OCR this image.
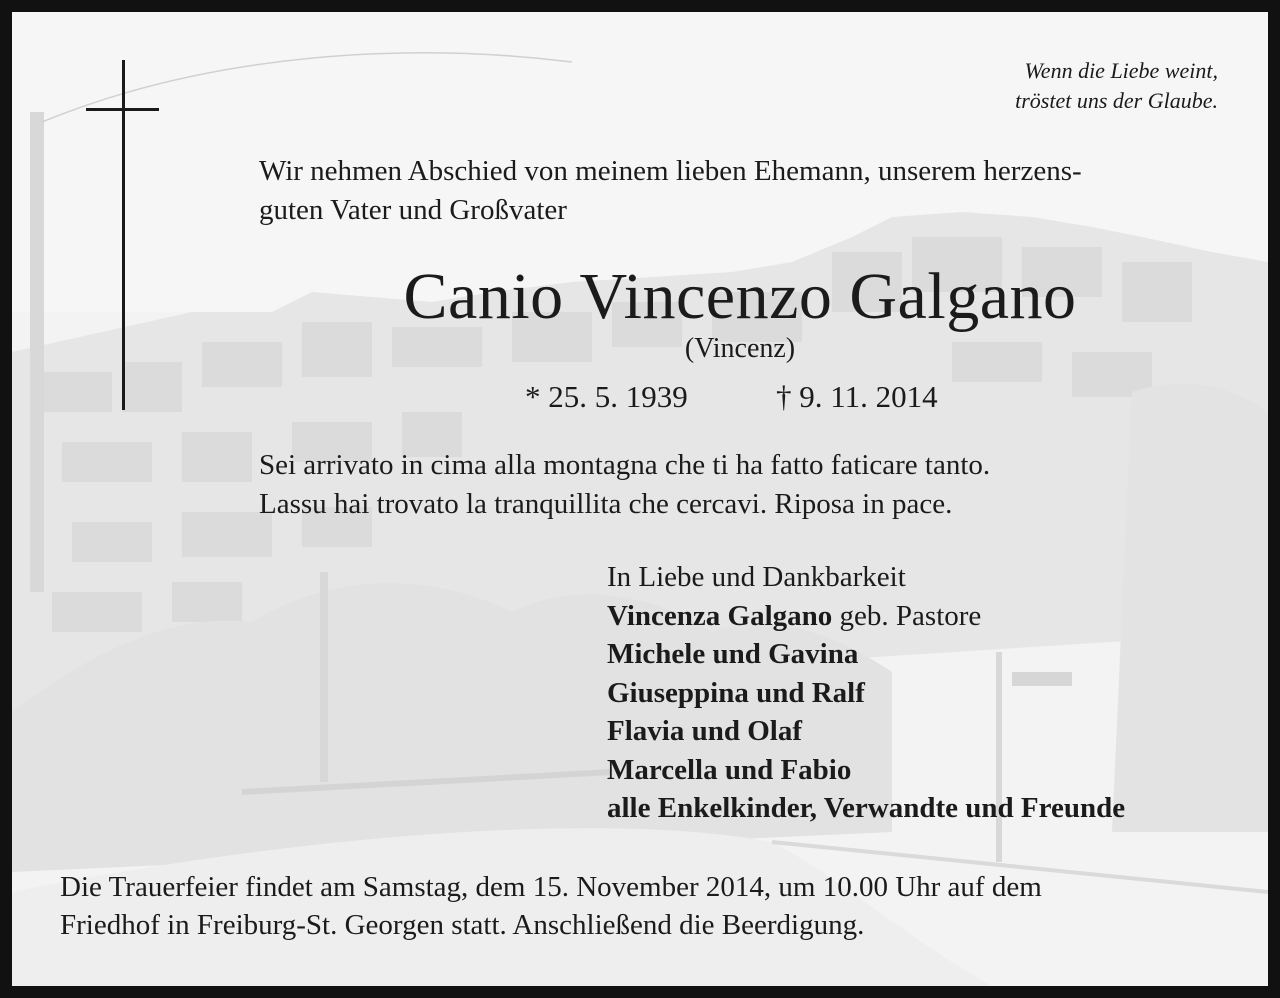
Wenn die Liebe weint,
tröstet uns der Glaube.
Wir nehmen Abschied von meinem lieben Ehemann, unserem herzens-
guten Vater und Großvater
Canio Vincenzo Galgano
(Vincenz)
* 25. 5. 1939	† 9. 11. 2014
Sei arrivato in cima alla montagna che ti ha fatto faticare tanto.
Lassu hai trovato la tranquillita che cercavi. Riposa in pace.
In Liebe und Dankbarkeit
Vincenza Galgano geb. Pastore
Michele und Gavina
Giuseppina und Ralf
Flavia und Olaf
Marcella und Fabio
alle Enkelkinder, Verwandte und Freunde
Die Trauerfeier findet am Samstag, dem 15. November 2014, um 10.00 Uhr auf dem
Friedhof in Freiburg-St. Georgen statt. Anschließend die Beerdigung.
